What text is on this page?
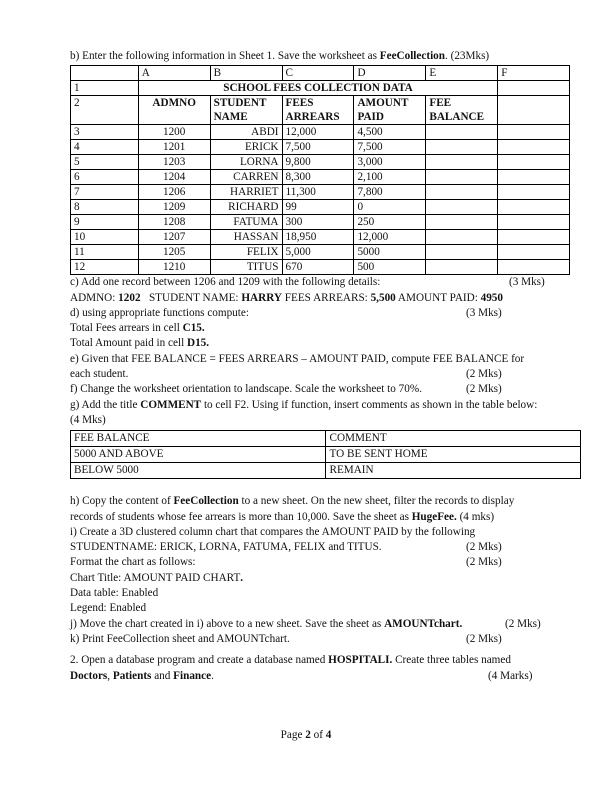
b) Enter the following information in Sheet 1. Save the worksheet as FeeCollection. (23Mks)
	A	B	C	D	E	F
1	SCHOOL FEES COLLECTION DATA					
2	ADMNO	STUDENT NAME	FEES ARREARS	AMOUNT PAID	FEE BALANCE	
3	1200	ABDI	12,000	4,500		
4	1201	ERICK	7,500	7,500		
5	1203	LORNA	9,800	3,000		
6	1204	CARREN	8,300	2,100		
7	1206	HARRIET	11,300	7,800		
8	1209	RICHARD	99	0		
9	1208	FATUMA	300	250		
10	1207	HASSAN	18,950	12,000		
11	1205	FELIX	5,000	5000		
12	1210	TITUS	670	500		
c) Add one record between 1206 and 1209 with the following details:	(3 Mks)
ADMNO: 1202   STUDENT NAME: HARRY FEES ARREARS: 5,500 AMOUNT PAID: 4950
d) using appropriate functions compute:	(3 Mks)
Total Fees arrears in cell C15.
Total Amount paid in cell D15.
e) Given that FEE BALANCE = FEES ARREARS – AMOUNT PAID, compute FEE BALANCE for
each student.	(2 Mks)
f) Change the worksheet orientation to landscape. Scale the worksheet to 70%.	(2 Mks)
g) Add the title COMMENT to cell F2. Using if function, insert comments as shown in the table below:
(4 Mks)
FEE BALANCE	COMMENT
5000 AND ABOVE	TO BE SENT HOME
BELOW 5000	REMAIN
h) Copy the content of FeeCollection to a new sheet. On the new sheet, filter the records to display
records of students whose fee arrears is more than 10,000. Save the sheet as HugeFee. (4 mks)
i) Create a 3D clustered column chart that compares the AMOUNT PAID by the following
STUDENTNAME: ERICK, LORNA, FATUMA, FELIX and TITUS.	(2 Mks)
Format the chart as follows:	(2 Mks)
Chart Title: AMOUNT PAID CHART.
Data table: Enabled
Legend: Enabled
j) Move the chart created in i) above to a new sheet. Save the sheet as AMOUNTchart.	(2 Mks)
k) Print FeeCollection sheet and AMOUNTchart.	(2 Mks)
2. Open a database program and create a database named HOSPITALI. Create three tables named
Doctors, Patients and Finance.	(4 Marks)
Page 2 of 4
